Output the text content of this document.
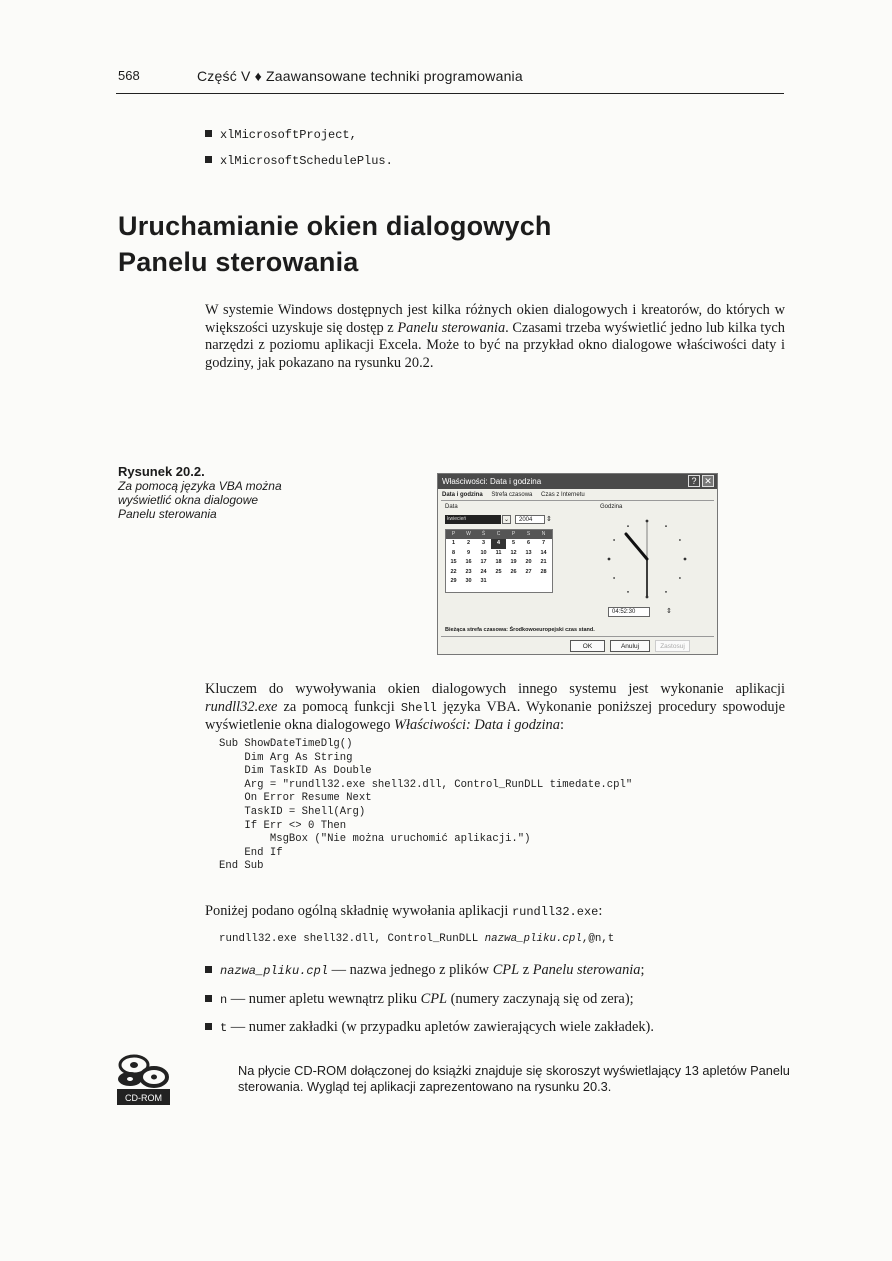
568	Część V ♦ Zaawansowane techniki programowania
xlMicrosoftProject,
xlMicrosoftSchedulePlus.
Uruchamianie okien dialogowych
Panelu sterowania
W systemie Windows dostępnych jest kilka różnych okien dialogowych i kreatorów, do których w większości uzyskuje się dostęp z Panelu sterowania. Czasami trzeba wyświetlić jedno lub kilka tych narzędzi z poziomu aplikacji Excela. Może to być na przykład okno dialogowe właściwości daty i godziny, jak pokazano na rysunku 20.2.
Rysunek 20.2.
Za pomocą języka VBA można wyświetlić okna dialogowe Panelu sterowania
Właściwości: Data i godzina	? ✕
Data i godzina Strefa czasowa Czas z Internetu
Data	Godzina
kwiecień	⌄	2004	⇕
P	W	Ś	C	P	S	N
1	2	3	4	5	6	7
8	9	10	11	12	13	14
15	16	17	18	19	20	21
22	23	24	25	26	27	28
29	30	31
04:52:30	⇕
Bieżąca strefa czasowa: Środkowoeuropejski czas stand.
OK	Anuluj	Zastosuj
Kluczem do wywoływania okien dialogowych innego systemu jest wykonanie aplikacji rundll32.exe za pomocą funkcji Shell języka VBA. Wykonanie poniższej procedury spowoduje wyświetlenie okna dialogowego Właściwości: Data i godzina:
Sub ShowDateTimeDlg()
Dim Arg As String
Dim TaskID As Double
Arg = "rundll32.exe shell32.dll, Control_RunDLL timedate.cpl"
On Error Resume Next
TaskID = Shell(Arg)
If Err <> 0 Then
MsgBox ("Nie można uruchomić aplikacji.")
End If
End Sub
Poniżej podano ogólną składnię wywołania aplikacji rundll32.exe:
rundll32.exe shell32.dll, Control_RunDLL nazwa_pliku.cpl,@n,t
nazwa_pliku.cpl — nazwa jednego z plików CPL z Panelu sterowania;
n — numer apletu wewnątrz pliku CPL (numery zaczynają się od zera);
t — numer zakładki (w przypadku apletów zawierających wiele zakładek).
CD-ROM
Na płycie CD-ROM dołączonej do książki znajduje się skoroszyt wyświetlający 13 apletów Panelu sterowania. Wygląd tej aplikacji zaprezentowano na rysunku 20.3.
